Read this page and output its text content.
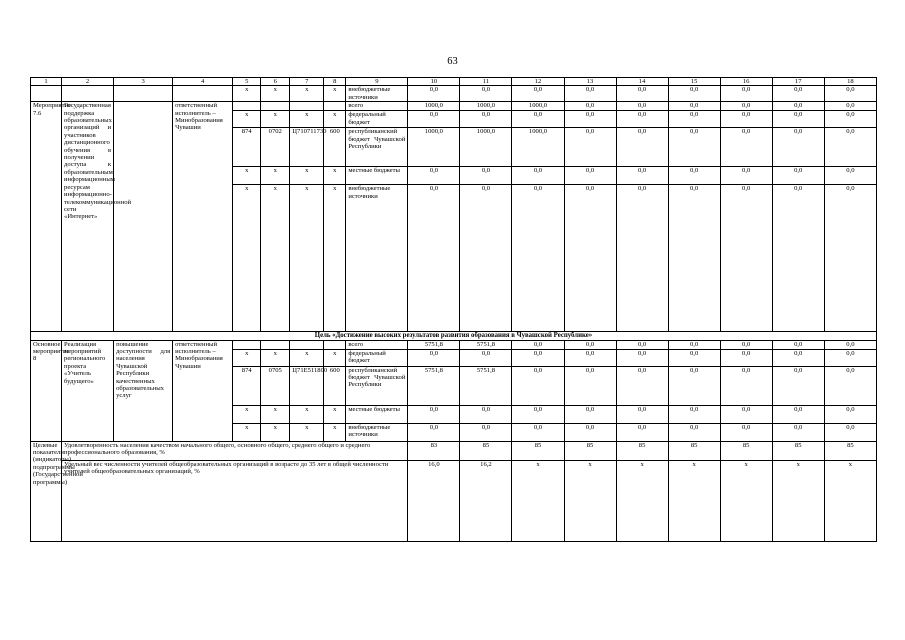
63
1	2	3	4	5	6	7	8	9	10	11	12	13	14	15	16	17	18
				x	x	x	x	внебюджетные источники	0,0	0,0	0,0	0,0	0,0	0,0	0,0	0,0	0,0
Мероприятие 7.6	Государственная поддержка образовательных организаций и участников дистанционного обучения в получении доступа к образовательным информационным ресурсам информационно-телекоммуникационной сети «Интернет»		ответственный исполнитель – Минобразования Чувашии					всего	1000,0	1000,0	1000,0	0,0	0,0	0,0	0,0	0,0	0,0
				x	x	x	x	федеральный бюджет	0,0	0,0	0,0	0,0	0,0	0,0	0,0	0,0	0,0
				874	0702	Ц710711730	600	республиканский бюджет Чувашской Республики	1000,0	1000,0	1000,0	0,0	0,0	0,0	0,0	0,0	0,0
				x	x	x	x	местные бюджеты	0,0	0,0	0,0	0,0	0,0	0,0	0,0	0,0	0,0
				x	x	x	x	внебюджетные источники	0,0	0,0	0,0	0,0	0,0	0,0	0,0	0,0	0,0
Цель «Достижение высоких результатов развития образования в Чувашской Республике»																	
Основное мероприятие 8	Реализация мероприятий регионального проекта «Учитель будущего»	повышение доступности для населения Чувашской Республики качественных образовательных услуг	ответственный исполнитель – Минобразования Чувашии					всего	5751,8	5751,8	0,0	0,0	0,0	0,0	0,0	0,0	0,0
				x	x	x	x	федеральный бюджет	0,0	0,0	0,0	0,0	0,0	0,0	0,0	0,0	0,0
				874	0705	Ц71Е511800	600	республиканский бюджет Чувашской Республики	5751,8	5751,8	0,0	0,0	0,0	0,0	0,0	0,0	0,0
				x	x	x	x	местные бюджеты	0,0	0,0	0,0	0,0	0,0	0,0	0,0	0,0	0,0
				x	x	x	x	внебюджетные источники	0,0	0,0	0,0	0,0	0,0	0,0	0,0	0,0	0,0
Целевые показатели (индикаторы) подпрограммы (Государственной программы)	Удовлетворенность населения качеством начального общего, основного общего, среднего общего и среднего профессионального образования, %								83	85	85	85	85	85	85	85	85
	Удельный вес численности учителей общеобразовательных организаций в возрасте до 35 лет в общей численности учителей общеобразовательных организаций, %								16,0	16,2	х	х	х	х	х	х	х
